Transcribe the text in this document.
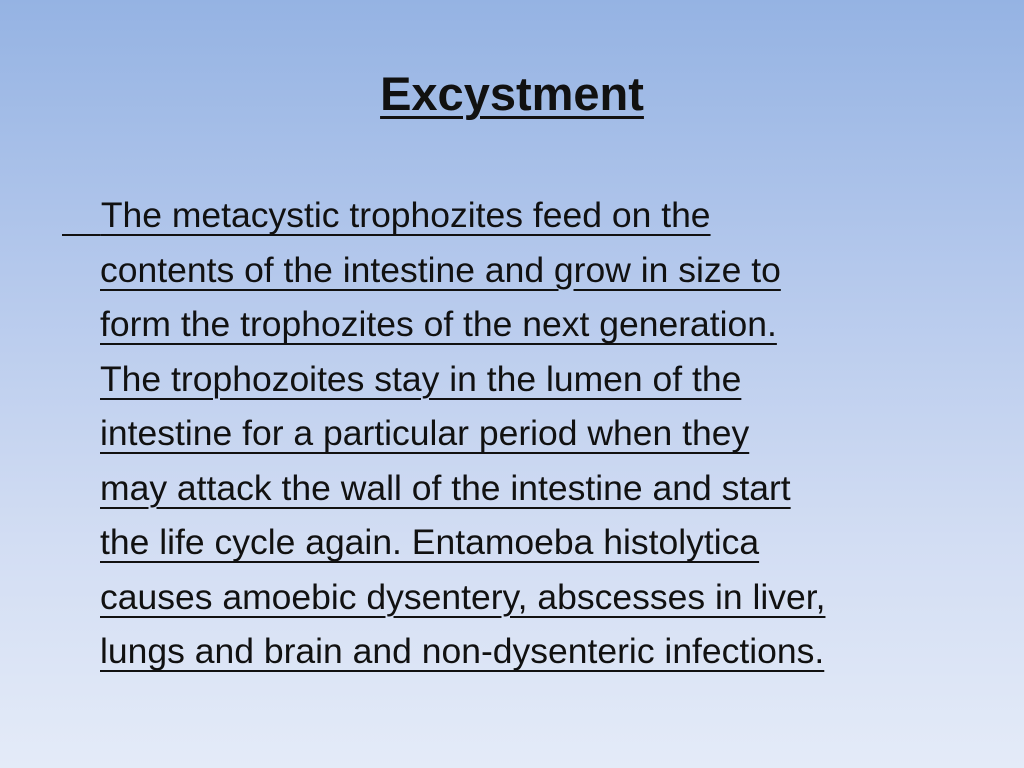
Excystment
The metacystic trophozites feed on the
contents of the intestine and grow in size to
form the trophozites of the next generation.
The trophozoites stay in the lumen of the
intestine for a particular period when they
may attack the wall of the intestine and start
the life cycle again. Entamoeba histolytica
causes amoebic dysentery, abscesses in liver,
lungs and brain and non-dysenteric infections.
